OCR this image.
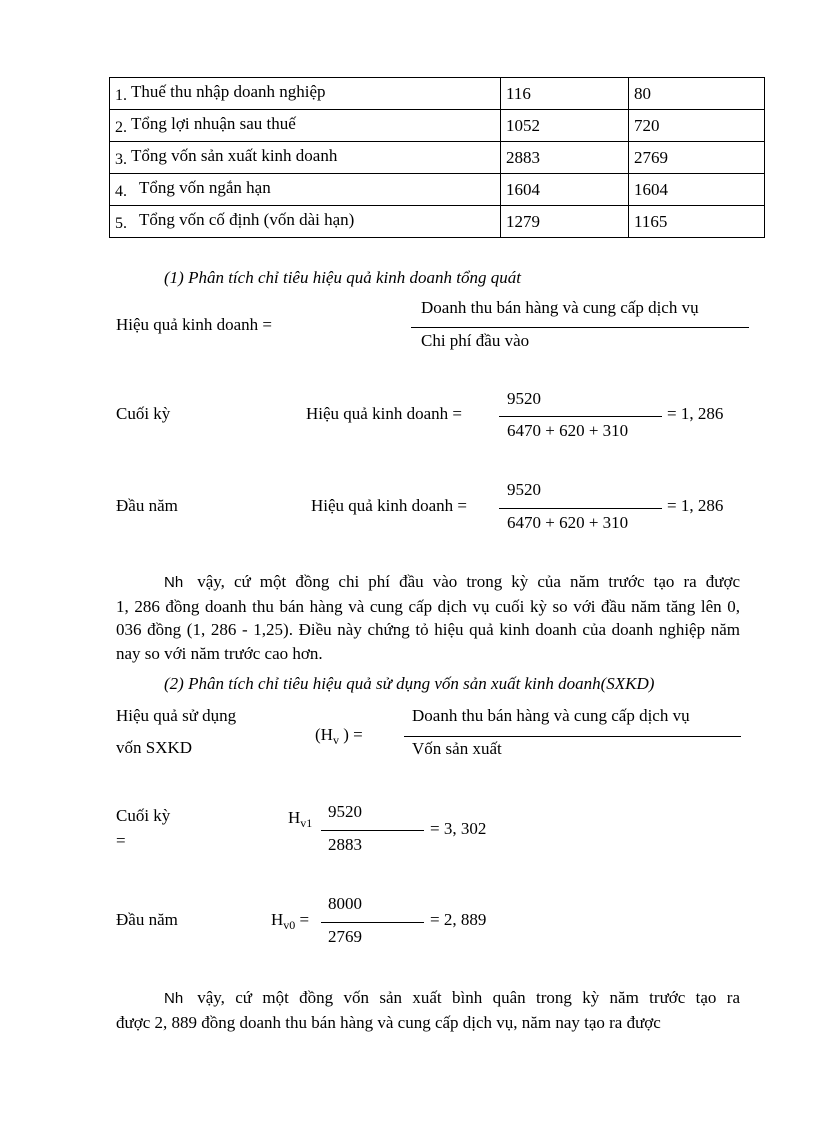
1. Thuế thu nhập doanh nghiệp	116	80
2. Tổng lợi nhuận sau thuế	1052	720
3. Tổng vốn sản xuất kinh doanh	2883	2769
4. Tổng vốn ngắn hạn	1604	1604
5. Tổng vốn cố định (vốn dài hạn)	1279	1165
(1) Phân tích chỉ tiêu hiệu quả kinh doanh tổng quát
Hiệu quả kinh doanh =
Doanh thu bán hàng và cung cấp dịch vụ
Chi phí đầu vào
Cuối kỳ	Hiệu quả kinh doanh =
9520
6470 + 620 + 310
= 1, 286
Đầu năm	Hiệu quả kinh doanh =
9520
6470 + 620 + 310
= 1, 286
Nh vậy, cứ một đồng chi phí đầu vào trong kỳ của năm trước tạo ra được
1, 286 đồng doanh thu bán hàng và cung cấp dịch vụ cuối kỳ so với đầu năm tăng lên 0, 036 đồng (1, 286 - 1,25). Điều này chứng tỏ hiệu quả kinh doanh của doanh nghiệp năm nay so với năm trước cao hơn.
(2) Phân tích chỉ tiêu hiệu quả sử dụng vốn sản xuất kinh doanh(SXKD)
Hiệu quả sử dụng
vốn SXKD
($H_v$ ) =
Doanh thu bán hàng và cung cấp dịch vụ
Vốn sản xuất
Cuối kỳ
=
$H_{v1}$
9520
2883
= 3, 302
Đầu năm	$H_{v0}$ =
8000
2769
= 2, 889
Nh vậy, cứ một đồng vốn sản xuất bình quân trong kỳ năm trước tạo ra
được 2, 889 đồng doanh thu bán hàng và cung cấp dịch vụ, năm nay tạo ra được
